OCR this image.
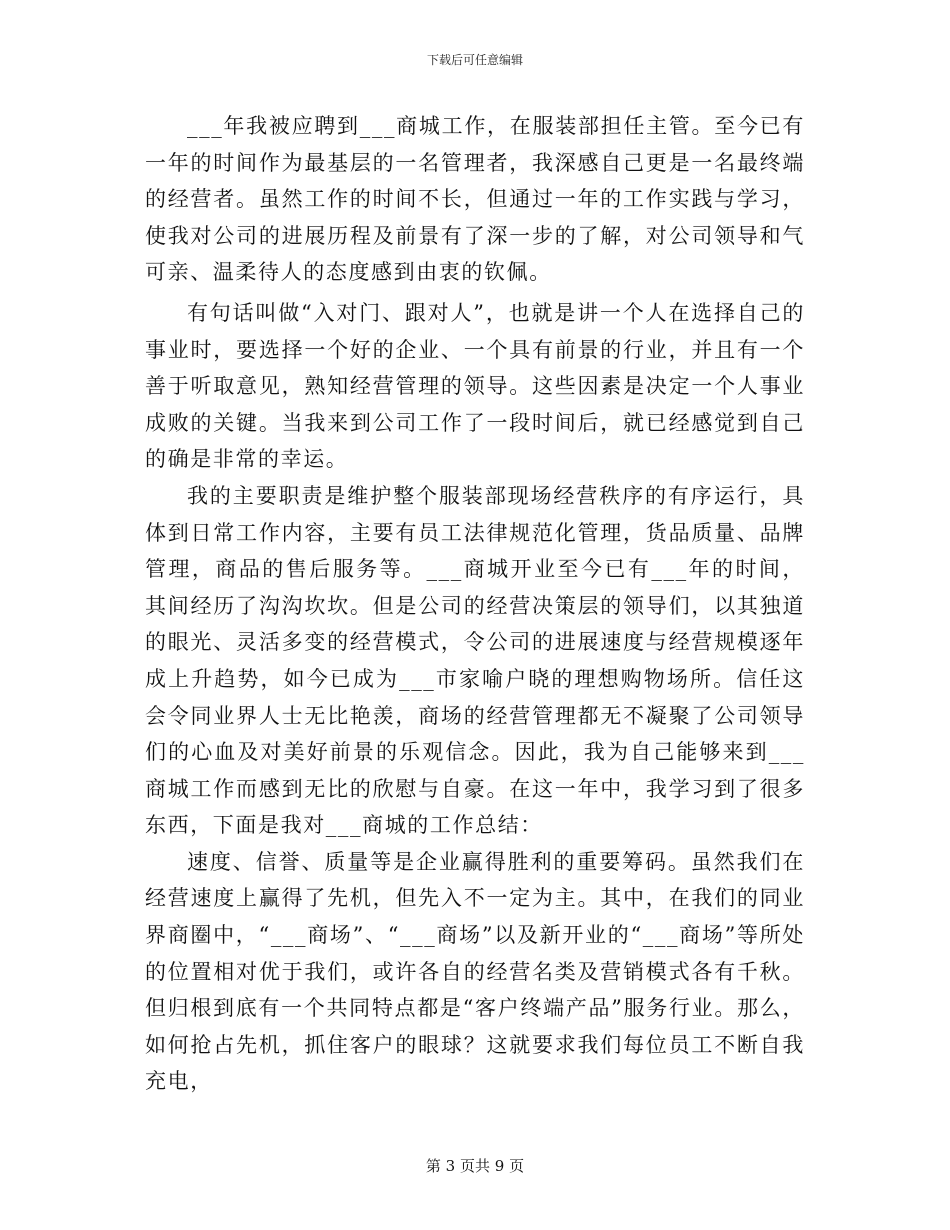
下载后可任意编辑

___年我被应聘到___商城工作，在服装部担任主管。至今已有一年的时间作为最基层的一名管理者，我深感自己更是一名最终端的经营者。虽然工作的时间不长，但通过一年的工作实践与学习，使我对公司的进展历程及前景有了深一步的了解，对公司领导和气可亲、温柔待人的态度感到由衷的钦佩。

有句话叫做“入对门、跟对人”，也就是讲一个人在选择自己的事业时，要选择一个好的企业、一个具有前景的行业，并且有一个善于听取意见，熟知经营管理的领导。这些因素是决定一个人事业成败的关键。当我来到公司工作了一段时间后，就已经感觉到自己的确是非常的幸运。

我的主要职责是维护整个服装部现场经营秩序的有序运行，具体到日常工作内容，主要有员工法律规范化管理，货品质量、品牌管理，商品的售后服务等。___商城开业至今已有___年的时间，其间经历了沟沟坎坎。但是公司的经营决策层的领导们，以其独道的眼光、灵活多变的经营模式，令公司的进展速度与经营规模逐年成上升趋势，如今已成为___市家喻户晓的理想购物场所。信任这会令同业界人士无比艳羡，商场的经营管理都无不凝聚了公司领导们的心血及对美好前景的乐观信念。因此，我为自己能够来到___商城工作而感到无比的欣慰与自豪。在这一年中，我学习到了很多东西，下面是我对___商城的工作总结：

速度、信誉、质量等是企业赢得胜利的重要筹码。虽然我们在经营速度上赢得了先机，但先入不一定为主。其中，在我们的同业界商圈中，“___商场”、“___商场”以及新开业的“___商场”等所处的位置相对优于我们，或许各自的经营名类及营销模式各有千秋。但归根到底有一个共同特点都是“客户终端产品”服务行业。那么，如何抢占先机，抓住客户的眼球？这就要求我们每位员工不断自我充电，

第 3 页共 9 页
